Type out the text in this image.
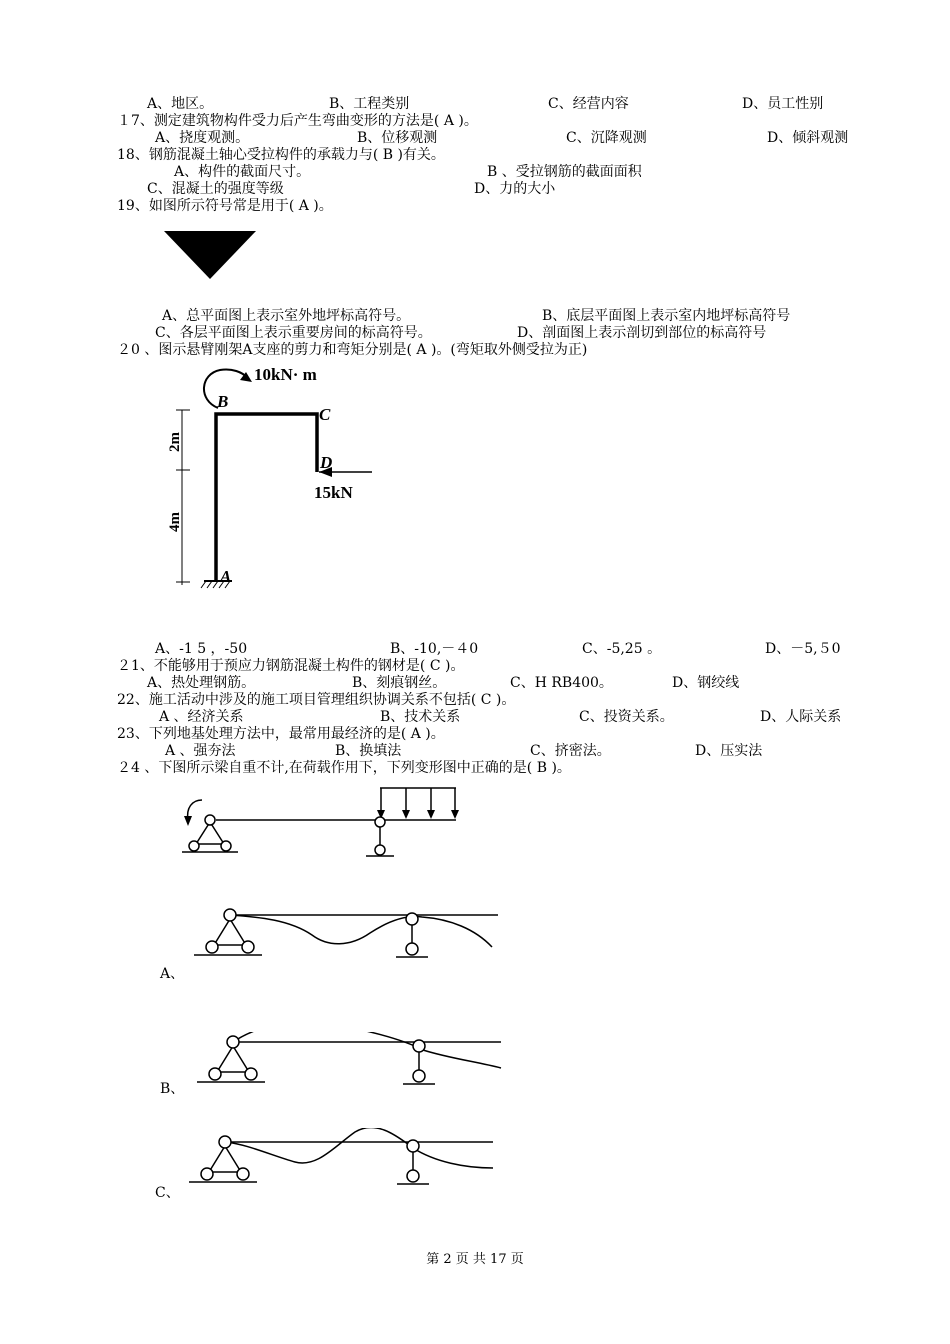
A、地区。	B、工程类别	C、经营内容	D、员工性别
１7、测定建筑物构件受力后产生弯曲变形的方法是( A )。
A、挠度观测。	B、位移观测	C、沉降观测	D、倾斜观测
18、钢筋混凝土轴心受拉构件的承载力与( B )有关。
A、构件的截面尺寸。	B 、受拉钢筋的截面面积
C、混凝土的强度等级	D、力的大小
19、如图所示符号常是用于( A )。
A、总平面图上表示室外地坪标高符号。	B、底层平面图上表示室内地坪标高符号
C、各层平面图上表示重要房间的标高符号。	D、剖面图上表示剖切到部位的标高符号
２0 、图示悬臂刚架A支座的剪力和弯矩分别是( A )。(弯矩取外侧受拉为正)
10kN· m
2m
4m
15kN
B
C
D
A
A、-1 5 ，-50	B、-10,－４0	C、-5,25 。	D、－5,５0
２1、不能够用于预应力钢筋混凝土构件的钢材是( C )。
A、热处理钢筋。	B、刻痕钢丝。	C、H RB400。	D、钢绞线
22、施工活动中涉及的施工项目管理组织协调关系不包括( C )。
A 、经济关系	B、技术关系	C、投资关系。	D、人际关系
23、下列地基处理方法中，最常用最经济的是( A )。
A 、强夯法	B、换填法	C、挤密法。	D、压实法
２4 、下图所示梁自重不计,在荷载作用下，下列变形图中正确的是( B )。
A、
B、
C、
第 2 页 共 17 页
